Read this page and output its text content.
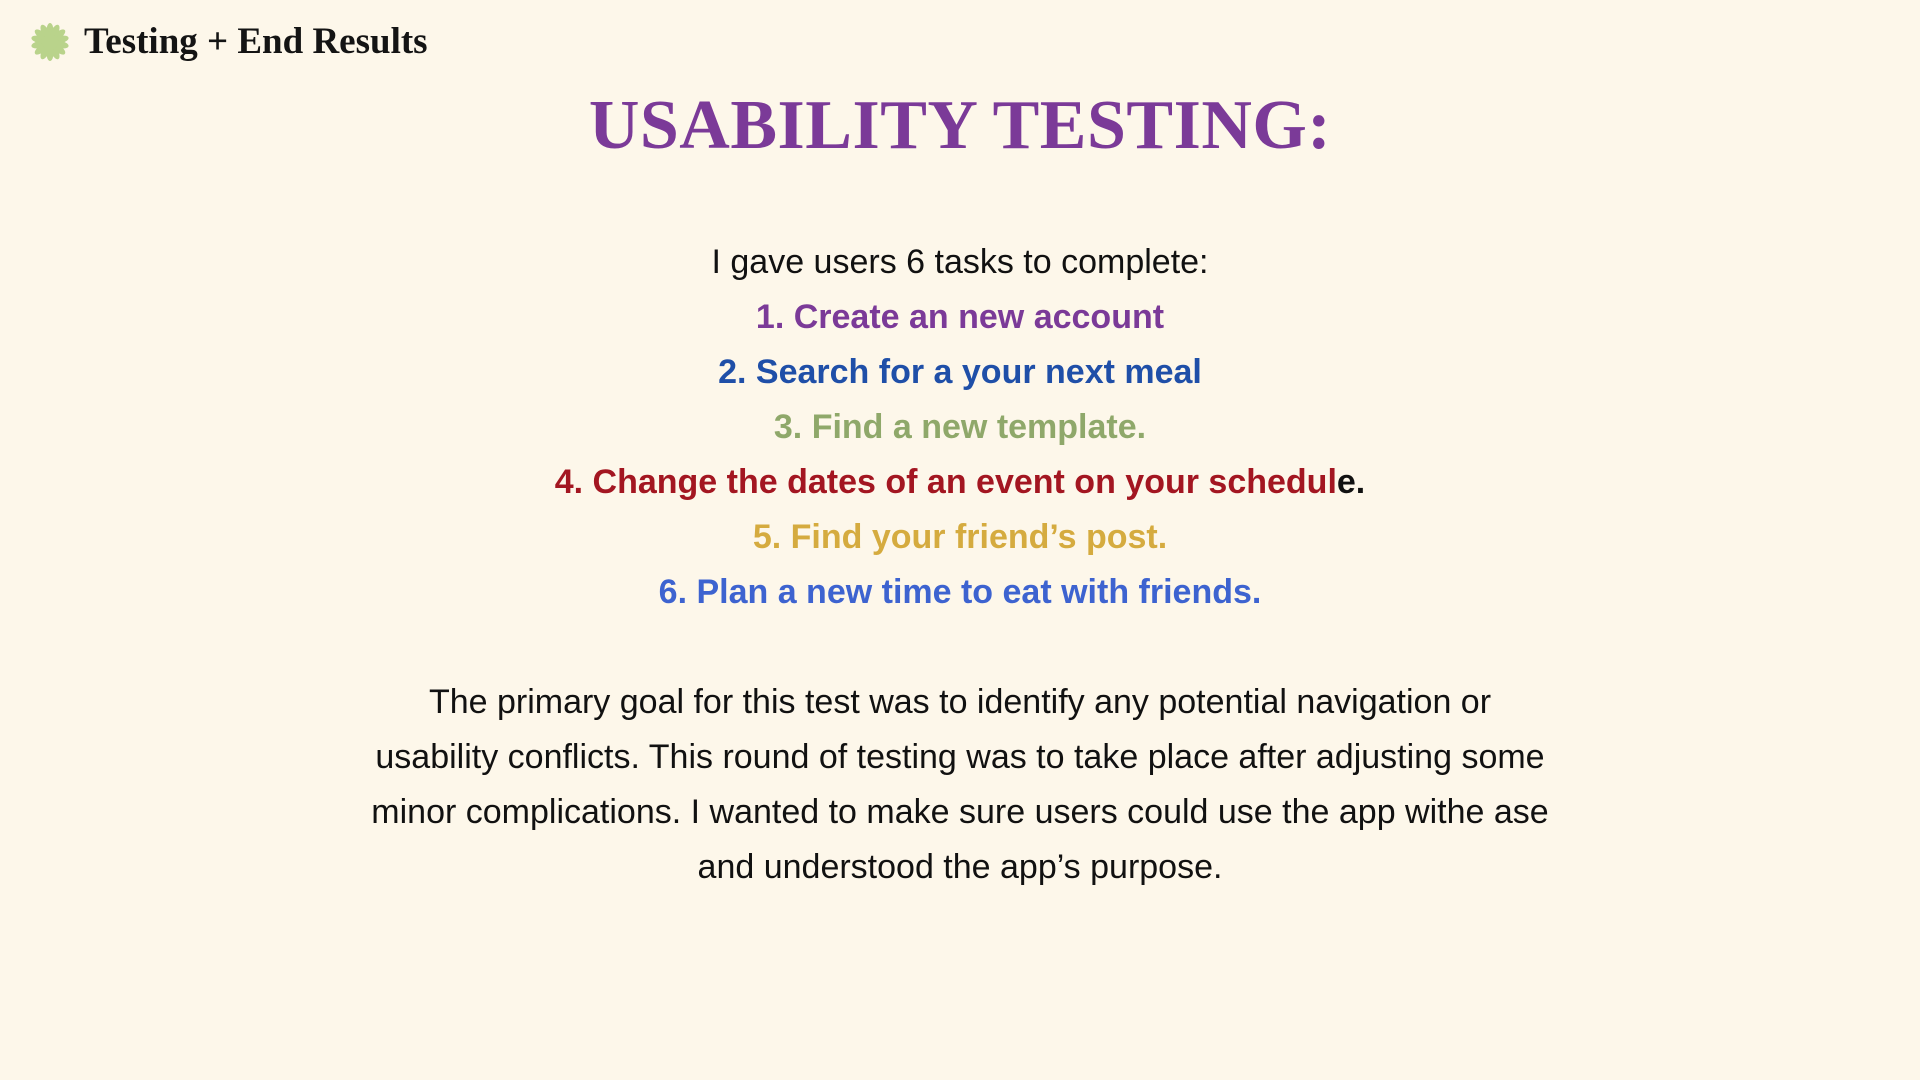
Testing + End Results
USABILITY TESTING:
I gave users 6 tasks to complete:
1. Create an new account
2. Search for a your next meal
3. Find a new template.
4. Change the dates of an event on your schedule.
5. Find your friend’s post.
6. Plan a new time to eat with friends.
The primary goal for this test was to identify any potential navigation or
usability conflicts. This round of testing was to take place after adjusting some
minor complications. I wanted to make sure users could use the app withe ase
and understood the app’s purpose.
